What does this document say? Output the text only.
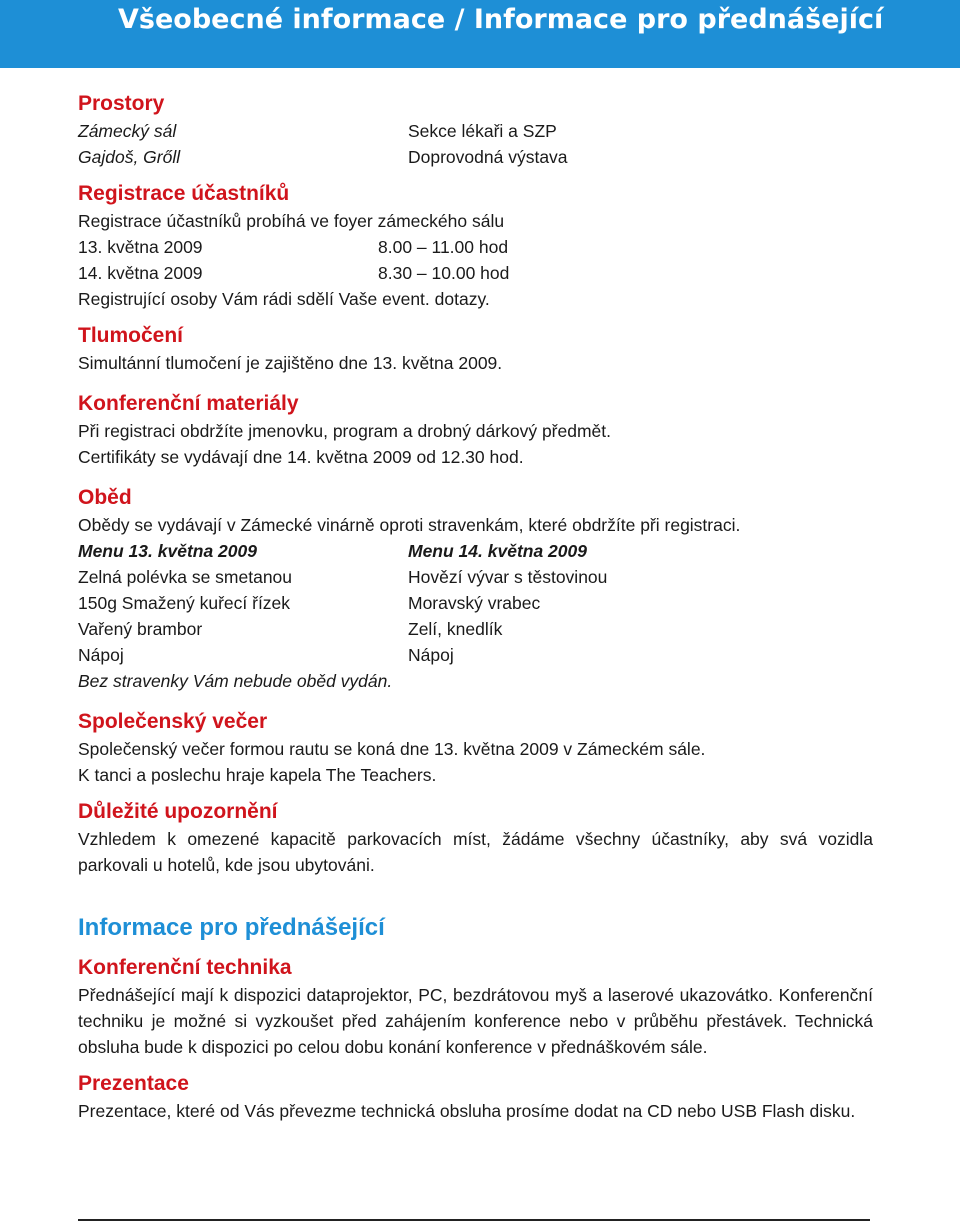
Všeobecné informace / Informace pro přednášející
Prostory
Zámecký sál	Sekce lékaři a SZP
Gajdoš, Grőll	Doprovodná výstava
Registrace účastníků
Registrace účastníků probíhá ve foyer zámeckého sálu
13. května 2009	8.00 – 11.00 hod
14. května 2009	8.30 – 10.00 hod
Registrující osoby Vám rádi sdělí Vaše event. dotazy.
Tlumočení
Simultánní tlumočení je zajištěno dne 13. května 2009.
Konferenční materiály
Při registraci obdržíte jmenovku, program a drobný dárkový předmět.
Certifikáty se vydávají dne 14. května 2009 od 12.30 hod.
Oběd
Obědy se vydávají v Zámecké vinárně oproti stravenkám, které obdržíte při registraci.
Menu 13. května 2009	Menu 14. května 2009
Zelná polévka se smetanou	Hovězí vývar s těstovinou
150g Smažený kuřecí řízek	Moravský vrabec
Vařený brambor	Zelí, knedlík
Nápoj	Nápoj
Bez stravenky Vám nebude oběd vydán.
Společenský večer
Společenský večer formou rautu se koná dne 13. května 2009 v Zámeckém sále.
K tanci a poslechu hraje kapela The Teachers.
Důležité upozornění
Vzhledem k omezené kapacitě parkovacích míst, žádáme všechny účastníky, aby svá vozidla parkovali u hotelů, kde jsou ubytováni.
Informace pro přednášející
Konferenční technika
Přednášející mají k dispozici dataprojektor, PC, bezdrátovou myš a laserové ukazovátko. Konferenční techniku je možné si vyzkoušet před zahájením konference nebo v průběhu přestávek. Technická obsluha bude k dispozici po celou dobu konání konference v přednáškovém sále.
Prezentace
Prezentace, které od Vás převezme technická obsluha prosíme dodat na CD nebo USB Flash disku.
